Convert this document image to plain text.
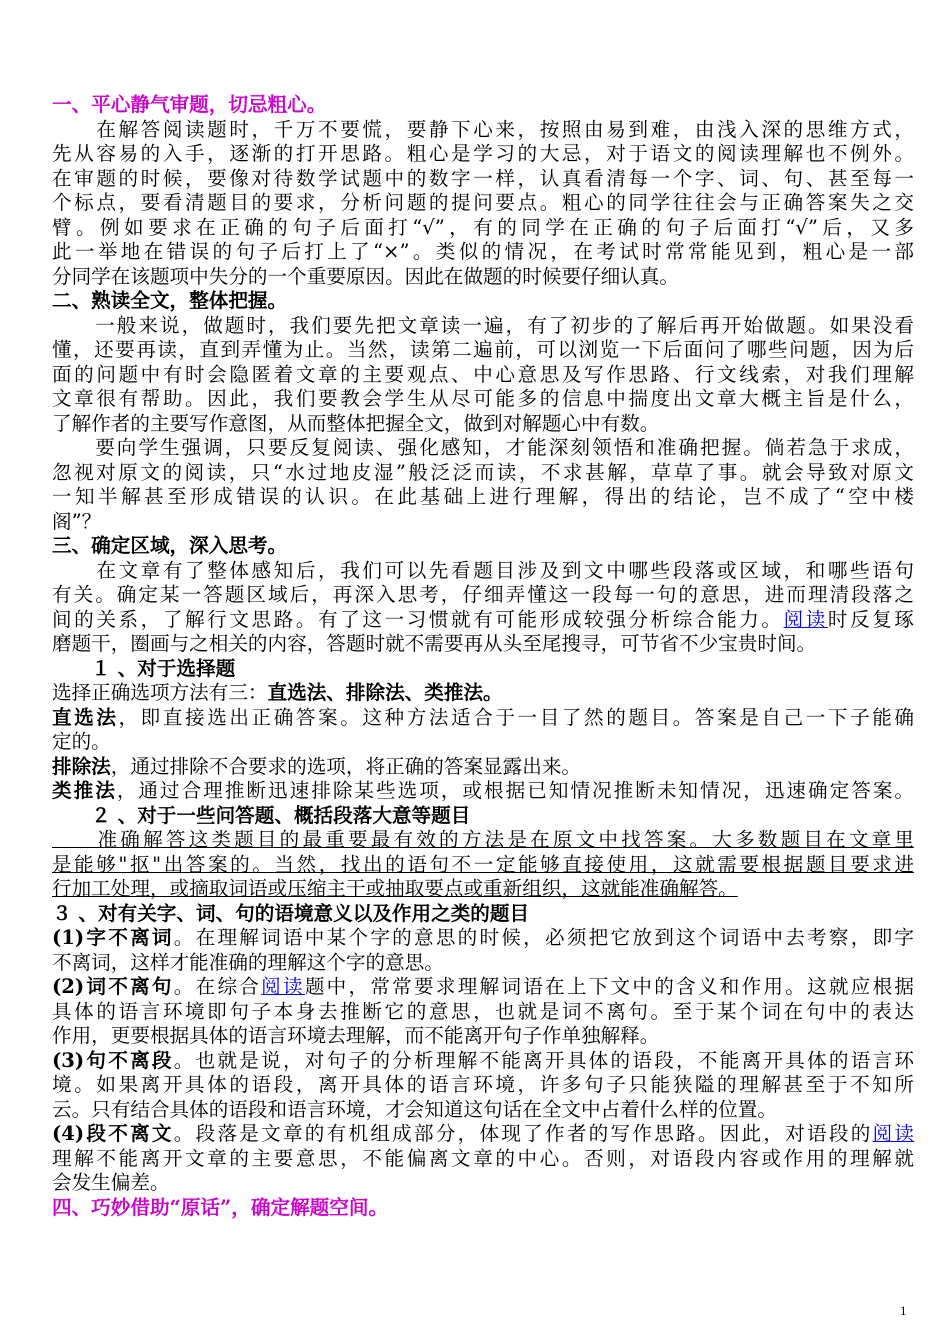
一、平心静气审题，切忌粗心。
　　在解答阅读题时，千万不要慌，要静下心来，按照由易到难，由浅入深的思维方式，
先从容易的入手，逐渐的打开思路。粗心是学习的大忌，对于语文的阅读理解也不例外。
在审题的时候，要像对待数学试题中的数字一样，认真看清每一个字、词、句、甚至每一
个标点，要看清题目的要求，分析问题的提问要点。粗心的同学往往会与正确答案失之交
臂。例如要求在正确的句子后面打“√”，有的同学在正确的句子后面打“√”后，又多
此一举地在错误的句子后打上了“×”。类似的情况，在考试时常常能见到，粗心是一部
分同学在该题项中失分的一个重要原因。因此在做题的时候要仔细认真。
二、熟读全文，整体把握。
　　一般来说，做题时，我们要先把文章读一遍，有了初步的了解后再开始做题。如果没看
懂，还要再读，直到弄懂为止。当然，读第二遍前，可以浏览一下后面问了哪些问题，因为后
面的问题中有时会隐匿着文章的主要观点、中心意思及写作思路、行文线索，对我们理解
文章很有帮助。因此，我们要教会学生从尽可能多的信息中揣度出文章大概主旨是什么，
了解作者的主要写作意图，从而整体把握全文，做到对解题心中有数。
　　要向学生强调，只要反复阅读、强化感知，才能深刻领悟和准确把握。倘若急于求成，
忽视对原文的阅读，只“水过地皮湿”般泛泛而读，不求甚解，草草了事。就会导致对原文
一知半解甚至形成错误的认识。在此基础上进行理解，得出的结论，岂不成了“空中楼
阁”？
三、确定区域，深入思考。
　　在文章有了整体感知后，我们可以先看题目涉及到文中哪些段落或区域，和哪些语句
有关。确定某一答题区域后，再深入思考，仔细弄懂这一段每一句的意思，进而理清段落之
间的关系，了解行文思路。有了这一习惯就有可能形成较强分析综合能力。阅读时反复琢
磨题干，圈画与之相关的内容，答题时就不需要再从头至尾搜寻，可节省不少宝贵时间。
　　１ 、对于选择题
选择正确选项方法有三：直选法、排除法、类推法。
直选法，即直接选出正确答案。这种方法适合于一目了然的题目。答案是自己一下子能确
定的。
排除法，通过排除不合要求的选项，将正确的答案显露出来。
类推法，通过合理推断迅速排除某些选项，或根据已知情况推断未知情况，迅速确定答案。
　　２ 、对于一些问答题、概括段落大意等题目
　　准确解答这类题目的最重要最有效的方法是在原文中找答案。大多数题目在文章里
是能够"抠"出答案的。当然，找出的语句不一定能够直接使用，这就需要根据题目要求进
行加工处理，或摘取词语或压缩主干或抽取要点或重新组织，这就能准确解答。
３ 、对有关字、词、句的语境意义以及作用之类的题目
(1)字不离词。在理解词语中某个字的意思的时候，必须把它放到这个词语中去考察，即字
不离词，这样才能准确的理解这个字的意思。
(2)词不离句。在综合阅读题中，常常要求理解词语在上下文中的含义和作用。这就应根据
具体的语言环境即句子本身去推断它的意思，也就是词不离句。至于某个词在句中的表达
作用，更要根据具体的语言环境去理解，而不能离开句子作单独解释。
(3)句不离段。也就是说，对句子的分析理解不能离开具体的语段，不能离开具体的语言环
境。如果离开具体的语段，离开具体的语言环境，许多句子只能狭隘的理解甚至于不知所
云。只有结合具体的语段和语言环境，才会知道这句话在全文中占着什么样的位置。
(4)段不离文。段落是文章的有机组成部分，体现了作者的写作思路。因此，对语段的阅读
理解不能离开文章的主要意思，不能偏离文章的中心。否则，对语段内容或作用的理解就
会发生偏差。
四、巧妙借助“原话”，确定解题空间。
1
